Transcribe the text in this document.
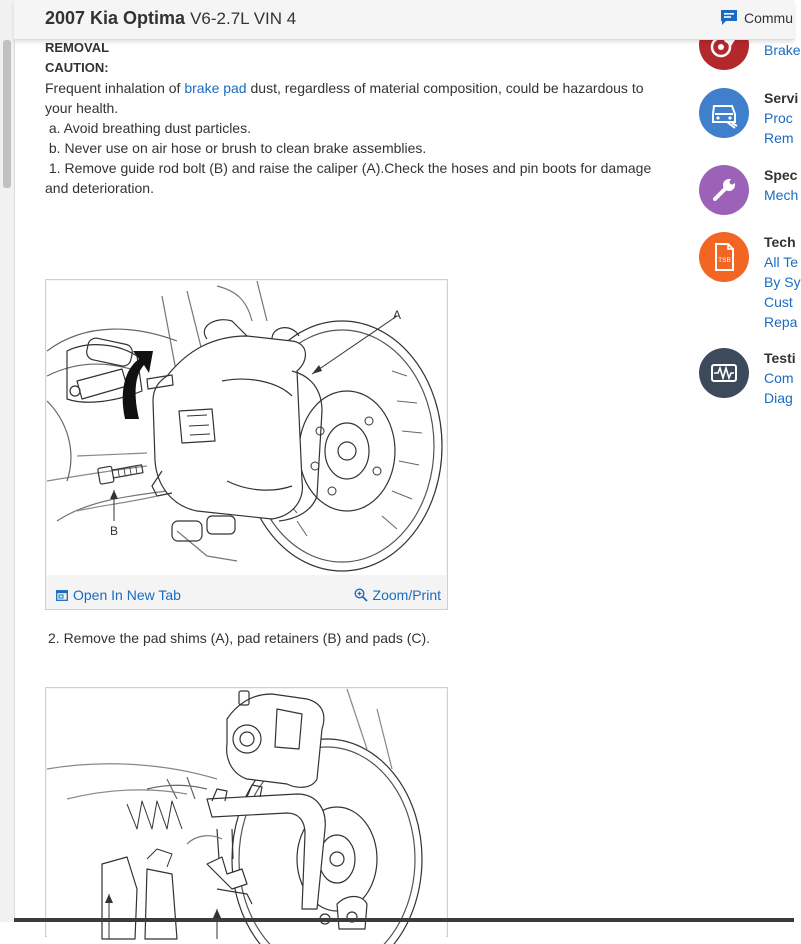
2007 Kia Optima V6-2.7L VIN 4	Commu

REMOVAL

CAUTION:

Frequent inhalation of brake pad dust, regardless of material composition, could be hazardous to your health.

a. Avoid breathing dust particles.

b. Never use on air hose or brush to clean brake assemblies.

1. Remove guide rod bolt (B) and raise the caliper (A).Check the hoses and pin boots for damage and deterioration.

A
B
Open In New Tab	Zoom/Print

2. Remove the pad shims (A), pad retainers (B) and pads (C).

Brake
Servi
Proc
Rem
Spec
Mech
TSB
Tech
All Te
By Sy
Cust
Repa
Testi
Com
Diag
